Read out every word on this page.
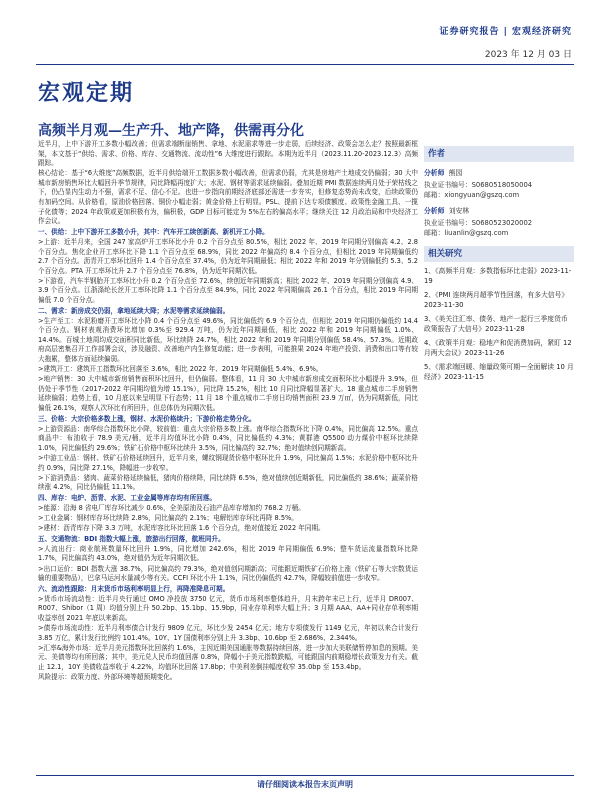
证券研究报告 | 宏观经济研究
2023 年 12 月 03 日
宏观定期
高频半月观—生产升、地产降，供需再分化

近半月，上中下游开工多数小幅改善；但需求端断崖销售、拿地、水泥需求等进一步走弱，后续经济、政策会怎么走？按照最新框架，本文基于“供给、需求、价格、库存、交通物流、流动性”6 大维度进行跟踪。本期为近半月（2023.11.20-2023.12.3）高频跟踪。

核心结论：基于“6大维度”高频数据，近半月供给端开工数据多数小幅改善，但需求仍弱，尤其是房地产土地成交仍偏弱；30 大中城市新房销售环比大幅回升季节规律，同比降幅再度扩大；水泥、钢材等需求延续偏弱。叠加近期 PMI 数据连续两月处于荣枯线之下，仍凸显内生动力不强，需求不足、信心不足。也进一步指向前期经济底部还需进一步夯实，但修复态势尚未改变，后续政策仍有加码空间。从价格看，原油价格回落、铜价小幅走弱；黄金价格上行明显。PSL、提前下达专项债额度、政策性金融工具、一揽子化债等；2024 年政策或更加积极有为，偏积极，GDP 目标可能定为 5%左右的偏高水平；继续关注 12 月政治局和中央经济工作会议。

一、供给：上中下游开工多数小升，其中：汽车开工续创新高、新机开工小降。

>上游：近半月来，全国 247 家高炉开工率环比小升 0.2 个百分点至 80.5%，相比 2022 年、2019 年同期分别偏高 4.2、2.8 个百分点。焦化企业开工率环比下降 1.1 个百分点至 68.9%，同比 2022 年偏高约 8.4 个百分点，但相比 2019 年同期偏低约 2.7 个百分点。沥青开工率环比回升 1.4 个百分点至 37.4%，仍为近年同期最低；相比 2022 年和 2019 年分别偏低约 5.3、5.2 个百分点。PTA 开工率环比升 2.7 个百分点至 76.8%，仍为近年同期次低。

>下游看，汽车半钢胎开工率环比小升 0.2 个百分点至 72.6%，续创近年同期新高；相比 2022 年、2019 年同期分别偏高 4.9、3.9 个百分点。江浙涤纶长丝开工率环比降 1.1 个百分点至 84.9%，同比 2022 年同期偏高 26.1 个百分点，相比 2019 年同期偏低 7.0 个百分点。

二、需求：新房成交仍弱，拿地延续大降；水泥等需求延续偏弱。

>生产至工：水泥粉磨开工率环比小降 0.4 个百分点至 49.6%，同比偏低约 6.9 个百分点，但相比 2019 年同期仍偏低约 14.4 个百分点。钢材表观消费环比增加 0.3%至 929.4 万吨，仍为近年同期最低，相比 2022 年和 2019 年同期偏低 1.0%、14.4%。百城土地周均成交面积同比新低，环比续降 24.7%，相比 2022 年和 2019 年同期分别偏低 58.4%、57.3%。近期政府高层密集召开工作部署会议，涉及融资、改善地产内生修复动能；进一步表明，可能推果 2024 年地产投资、消费和出口等有较大拖累，整体方面延续偏弱。

>建筑开工：建筑开工指数环比回落至 3.6%，相比 2022 年、2019 年同期偏低 5.4%、6.9%。

>地产销售：30 大中城市新房销售面积环比回升，但仍偏弱。整体看，11 月 30 大中城市新房成交面积环比小幅提升 3.9%，但仍处于季节性（2017-2022 年同期均值为增 15.1%），同比降 15.2%，相比 10 月同比降幅显著扩大。18 重点城市二手房销售延续偏弱；趋势上看，10 月底以来呈明显下行态势；11 月 18 个重点城市二手房日均销售面积 23.9 万㎡，仍为同期新低，同比偏低 26.1%，观察人次环比有所回升，但总体仍为同期次低。

三、价格：大宗价格多数上涨，钢材、水泥价格续升；下游价格走势分化。

>上游资源品：南华综合指数环比小降，较前值：重点大宗价格多数上涨。南华综合指数环比下降 0.4%，同比偏高 12.5%。重点商品中：布油收于 78.9 美元/桶，近半月均值环比小降 0.4%，同比偏低约 4.3%；黄群港 Q5500 动力煤价中枢环比续降 1.0%，同比偏低约 29.6%；铁矿石价格中枢环比续升 3.5%，同比偏高约 32.7%；绝对值续创同期新高。

>中游工业品：钢材、铁矿石价格延续回升，近半月来，螺纹钢现货价格中枢环比升 1.9%，同比偏高 1.5%；水泥价格中枢环比升约 0.9%，同比降 27.1%，降幅进一步收窄。

>下游消费品：猪肉、蔬菜价格延续偏低，猪肉价格续降，同比续降 6.5%，绝对值续创近期新低，同比偏低约 38.6%；蔬菜价格续涨 4.2%，同比仍偏低 11.1%。

四、库存：电炉、沥青、水泥、工业金属等库存均有所回落。

>能源：沿海 8 省电厂库存环比减少 0.6%，全美原油及石油产品库存增加约 768.2 万桶。

>工业金属：钢材库存环比续降 2.8%，同比偏高约 2.1%；电解铝库存环比再降 8.5%。

>建材：沥青库存下降 3.3 万吨，水泥库容比环比回落 1.6 个百分点，绝对值接近 2022 年同期。

五、交通物流：BDI 指数大幅上涨，旅游出行回落，航班同升。

>人流出行：商业航班数量环比回升 1.9%，同比增加 242.6%，相比 2019 年同期偏低 6.9%；整车货运流量指数环比降 1.7%，同比偏高约 43.0%，绝对值仍为近年同期次低。

>出口运价：BDI 指数大涨 38.7%，同比偏高约 79.3%，绝对值创同期新高；可能跟近期铁矿石价格上涨（铁矿石等大宗数货运输的重要物品），巴拿马运河水量减少等有关。CCFI 环比小升 1.1%，同比仍偏低约 42.7%，降幅较前值进一步收窄。

六、流动性跟踪：月末货币市场利率明显上行，再降准降息可期。

>货币市场流动性：近半月央行通过 OMO 净投放 3750 亿元，货币市场利率整体趋升，月末跨年末已上行，近半月 DR007、R007、Shibor（1 周）均值分别上升 50.2bp、15.1bp、15.9bp，同业存单利率大幅上升；3 月期 AAA、AA+同业存单利率期收益率创 2021 年底以来新高。

>债券市场流动性：近半月利率债合计发行 9809 亿元，环比少发 2454 亿元；地方专项债发行 1149 亿元，年初以来合计发行 3.85 万亿，累计发行比例约 101.4%。10Y、1Y 国债利率分别上升 3.3bp、10.6bp 至 2.686%、2.344%。

>汇率&海外市场：近半月美元指数环比回落约 1.6%，主因近期美国通胀等数据持续回落，进一步加大美联储暂停加息的预期。美元、美债等均有所回落；其中，美元兑人民币均值回落 0.8%，降幅小于美元指数跌幅，可能跟国内前期稳增长政策发力有关。截止 12.1，10Y 美债收益率收于 4.22%，均值环比回落 17.8bp；中美利差倒挂幅度收窄 35.0bp 至 153.4bp。

风险提示：政策力度、外部环境等超预期变化。

作者
分析师 熊园
执业证书编号：S0680518050004
邮箱：xiongyuan@gszq.com
分析师 刘安林
执业证书编号：S0680523020002
邮箱：liuanlin@gszq.com
相关研究
1、《高频半月观：多数指标环比走弱》2023-11-19
2、《PMI 连续两月超季节性回落，有多大信号》2023-11-30
3、《美关注汇率、债务、地产一起行三季度货币政策报告了大信号》2023-11-28
4、《政策半月观：稳地产和促消费加码，紧盯 12 月两大会议》2023-11-26
5、《需求端回暖、缩量政策可期—全面解读 10 月经济》2023-11-15
请仔细阅读本报告末页声明
